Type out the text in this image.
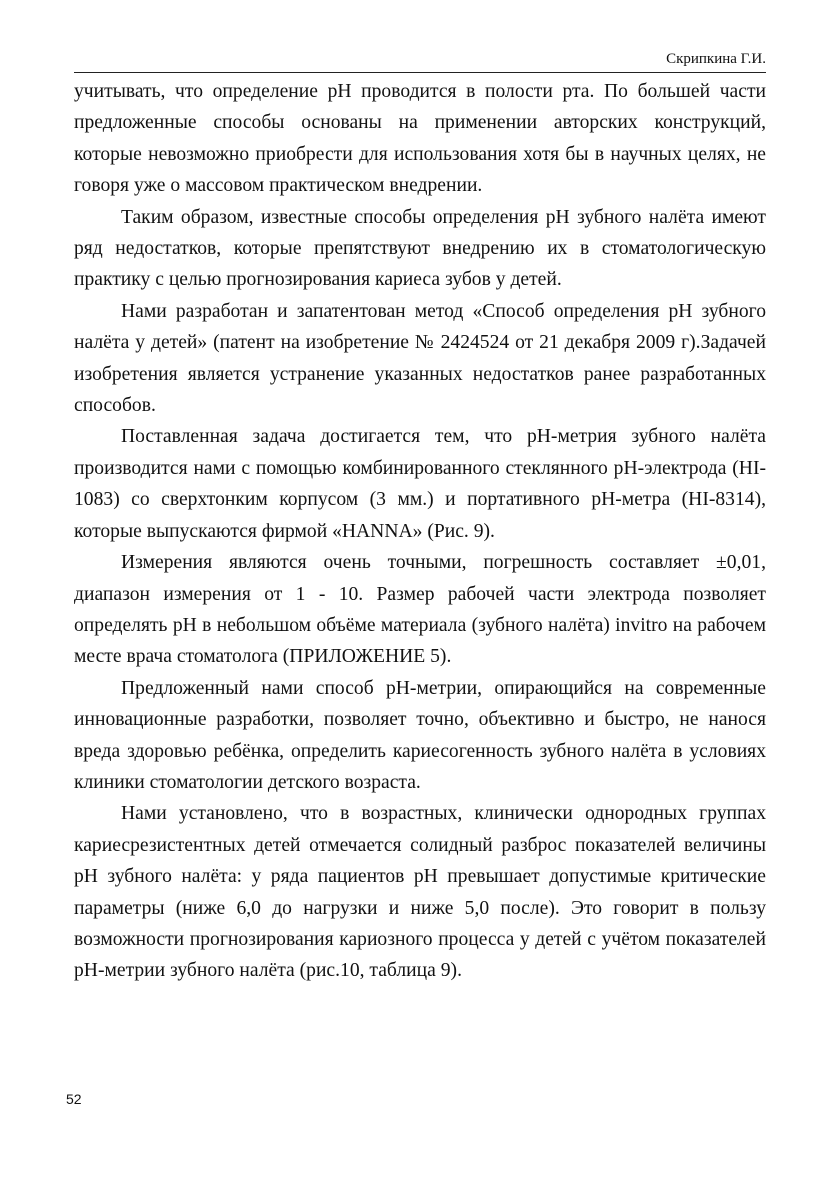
Скрипкина Г.И.

учитывать, что определение рН проводится в полости рта. По большей части предложенные способы основаны на применении авторских конструкций, которые невозможно приобрести для использования хотя бы в научных целях, не говоря уже о массовом практическом внедрении.

Таким образом, известные способы определения рН зубного налёта имеют ряд недостатков, которые препятствуют внедрению их в стоматологическую практику с целью прогнозирования кариеса зубов у детей.

Нами разработан и запатентован метод «Способ определения рН зубного налёта у детей» (патент на изобретение № 2424524 от 21 декабря 2009 г).Задачей изобретения является устранение указанных недостатков ранее разработанных способов.

Поставленная задача достигается тем, что рН-метрия зубного налёта производится нами с помощью комбинированного стеклянного рН-электрода (HI-1083) со сверхтонким корпусом (3 мм.) и портативного рН-метра (HI-8314), которые выпускаются фирмой «HANNA» (Рис. 9).

Измерения являются очень точными, погрешность составляет ±0,01, диапазон измерения от 1 - 10. Размер рабочей части электрода позволяет определять рН в небольшом объёме материала (зубного налёта) invitro на рабочем месте врача стоматолога (ПРИЛОЖЕНИЕ 5).

Предложенный нами способ рН-метрии, опирающийся на современные инновационные разработки, позволяет точно, объективно и быстро, не нанося вреда здоровью ребёнка, определить кариесогенность зубного налёта в условиях клиники стоматологии детского возраста.

Нами установлено, что в возрастных, клинически однородных группах кариесрезистентных детей отмечается солидный разброс показателей величины рН зубного налёта: у ряда пациентов рН превышает допустимые критические параметры (ниже 6,0 до нагрузки и ниже 5,0 после). Это говорит в пользу возможности прогнозирования кариозного процесса у детей с учётом показателей рН-метрии зубного налёта (рис.10, таблица 9).

52
